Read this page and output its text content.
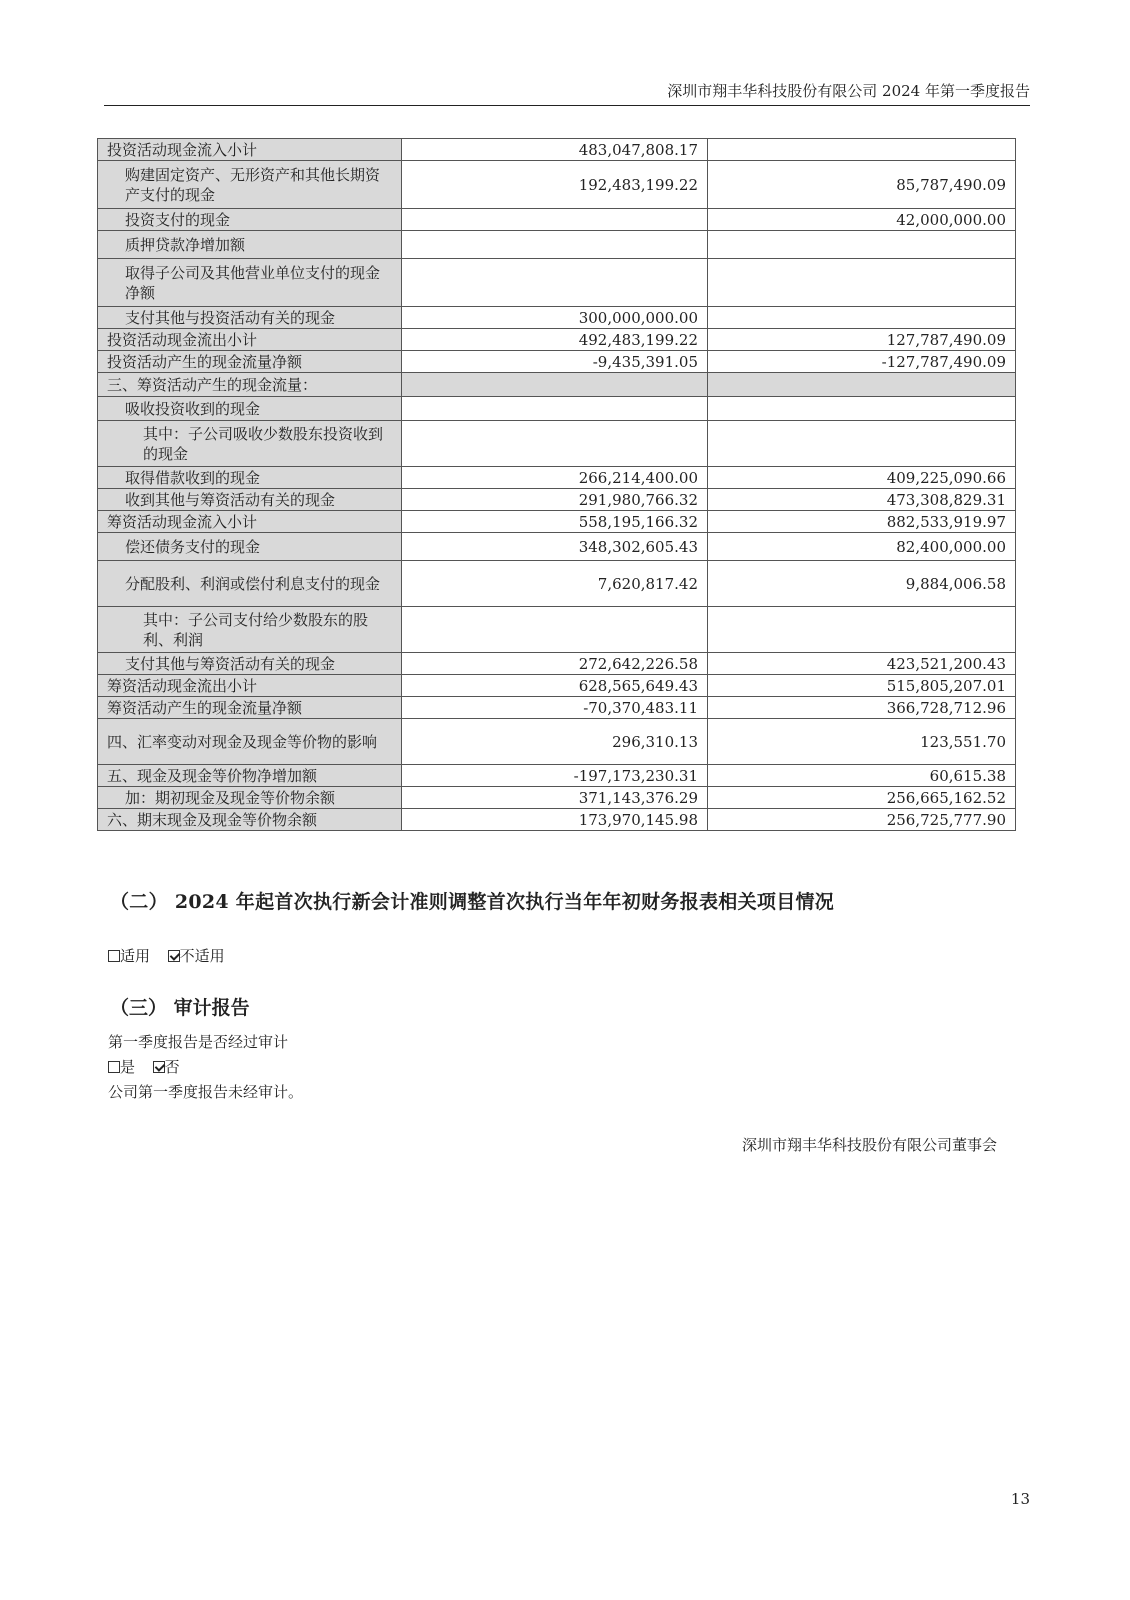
深圳市翔丰华科技股份有限公司 2024 年第一季度报告
投资活动现金流入小计	483,047,808.17	
购建固定资产、无形资产和其他长期资产支付的现金	192,483,199.22	85,787,490.09
投资支付的现金		42,000,000.00
质押贷款净增加额		
取得子公司及其他营业单位支付的现金净额		
支付其他与投资活动有关的现金	300,000,000.00	
投资活动现金流出小计	492,483,199.22	127,787,490.09
投资活动产生的现金流量净额	-9,435,391.05	-127,787,490.09
三、筹资活动产生的现金流量：		
吸收投资收到的现金		
其中：子公司吸收少数股东投资收到的现金		
取得借款收到的现金	266,214,400.00	409,225,090.66
收到其他与筹资活动有关的现金	291,980,766.32	473,308,829.31
筹资活动现金流入小计	558,195,166.32	882,533,919.97
偿还债务支付的现金	348,302,605.43	82,400,000.00
分配股利、利润或偿付利息支付的现金	7,620,817.42	9,884,006.58
其中：子公司支付给少数股东的股利、利润		
支付其他与筹资活动有关的现金	272,642,226.58	423,521,200.43
筹资活动现金流出小计	628,565,649.43	515,805,207.01
筹资活动产生的现金流量净额	-70,370,483.11	366,728,712.96
四、汇率变动对现金及现金等价物的影响	296,310.13	123,551.70
五、现金及现金等价物净增加额	-197,173,230.31	60,615.38
加：期初现金及现金等价物余额	371,143,376.29	256,665,162.52
六、期末现金及现金等价物余额	173,970,145.98	256,725,777.90
（二） 2024 年起首次执行新会计准则调整首次执行当年年初财务报表相关项目情况
适用 不适用
（三） 审计报告
第一季度报告是否经过审计
是 否
公司第一季度报告未经审计。
深圳市翔丰华科技股份有限公司董事会
13
